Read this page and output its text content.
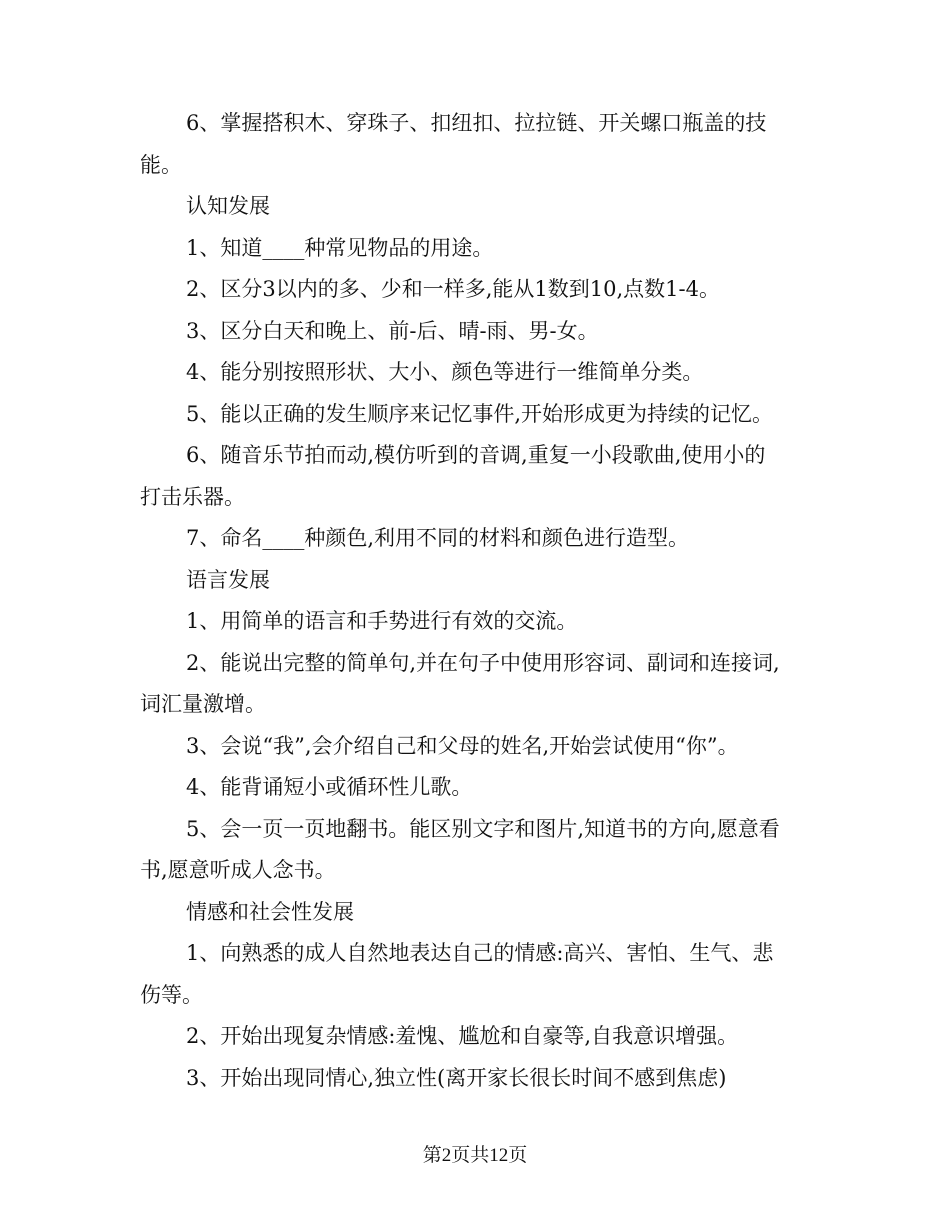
6、掌握搭积木、穿珠子、扣纽扣、拉拉链、开关螺口瓶盖的技
能。
认知发展
1、知道____种常见物品的用途。
2、区分3以内的多、少和一样多,能从1数到10,点数1-4。
3、区分白天和晚上、前-后、晴-雨、男-女。
4、能分别按照形状、大小、颜色等进行一维简单分类。
5、能以正确的发生顺序来记忆事件,开始形成更为持续的记忆。
6、随音乐节拍而动,模仿听到的音调,重复一小段歌曲,使用小的
打击乐器。
7、命名____种颜色,利用不同的材料和颜色进行造型。
语言发展
1、用简单的语言和手势进行有效的交流。
2、能说出完整的简单句,并在句子中使用形容词、副词和连接词,
词汇量激增。
3、会说“我”,会介绍自己和父母的姓名,开始尝试使用“你”。
4、能背诵短小或循环性儿歌。
5、会一页一页地翻书。能区别文字和图片,知道书的方向,愿意看
书,愿意听成人念书。
情感和社会性发展
1、向熟悉的成人自然地表达自己的情感:高兴、害怕、生气、悲
伤等。
2、开始出现复杂情感:羞愧、尴尬和自豪等,自我意识增强。
3、开始出现同情心,独立性(离开家长很长时间不感到焦虑)
第2页共12页
